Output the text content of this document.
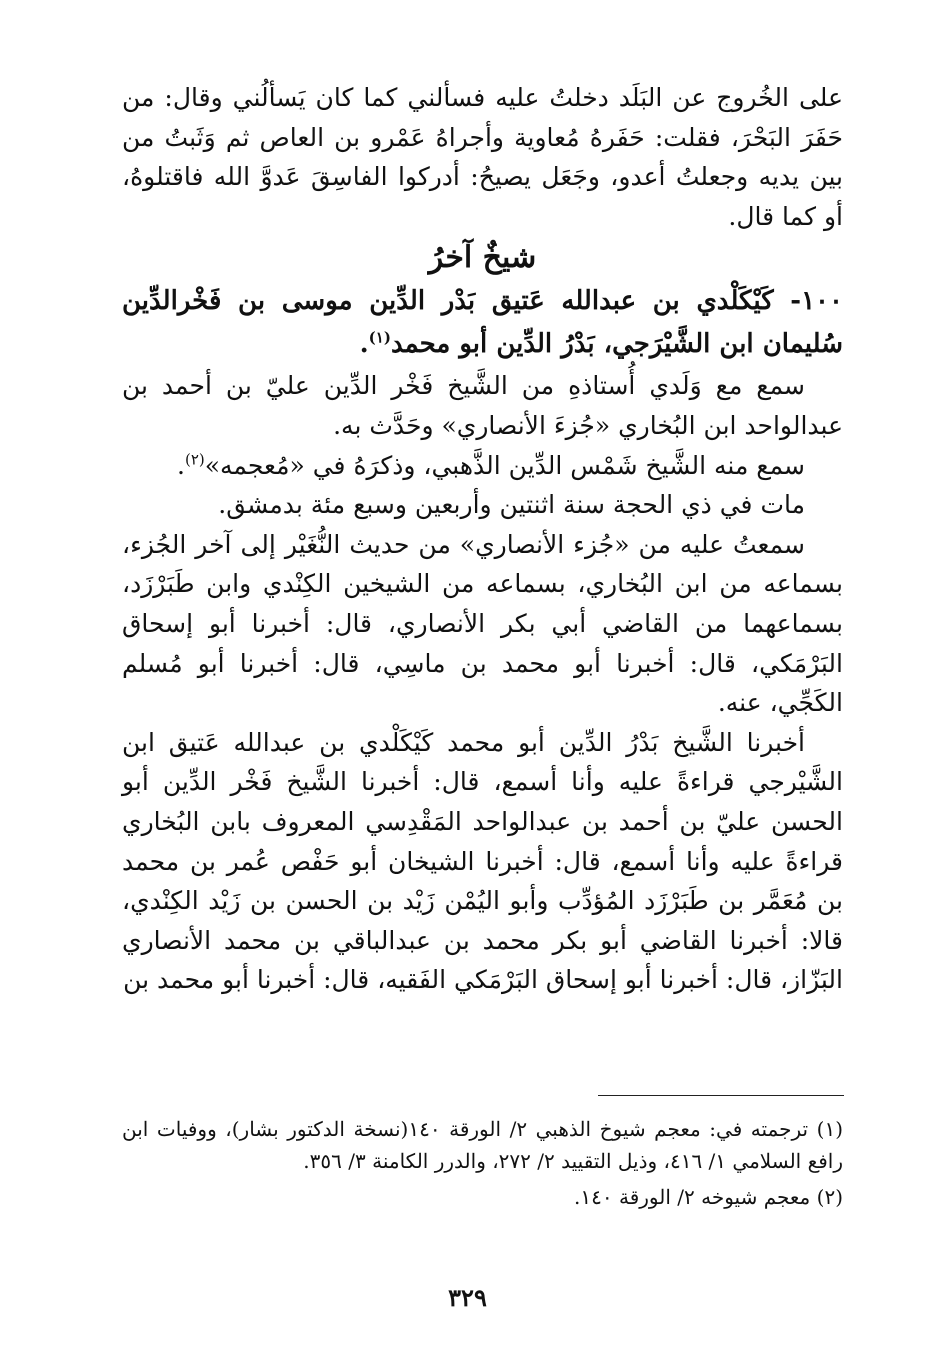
على الخُروج عن البَلَد دخلتُ عليه فسألني كما كان يَسألُني وقال: من حَفَرَ البَحْرَ، فقلت: حَفَرهُ مُعاوية وأجراهُ عَمْرو بن العاص ثم وَثَبتُ من بين يديه وجعلتُ أعدو، وجَعَل يصيحُ: أدركوا الفاسِقَ عَدوَّ الله فاقتلوهُ، أو كما قال.

شيخٌ آخرُ

١٠٠- كَيْكَلْدي بن عبدالله عَتيق بَدْر الدِّين موسى بن فَخْرالدِّين سُليمان ابن الشَّيْرَجي، بَدْرُ الدِّين أبو محمد$^{(١)}$.

سمع مع وَلَدي أُستاذهِ من الشَّيخ فَخْر الدِّين عليّ بن أحمد بن عبدالواحد ابن البُخاري «جُزءَ الأنصاري» وحَدَّث به.

سمع منه الشَّيخ شَمْس الدِّين الذَّهبي، وذكرَهُ في «مُعجمه»$^{(٢)}$.

مات في ذي الحجة سنة اثنتين وأربعين وسبع مئة بدمشق.

سمعتُ عليه من «جُزء الأنصاري» من حديث النُّغَيْر إلى آخر الجُزء، بسماعه من ابن البُخاري، بسماعه من الشيخين الكِنْدي وابن طَبَرْزَد، بسماعهما من القاضي أبي بكر الأنصاري، قال: أخبرنا أبو إسحاق البَرْمَكي، قال: أخبرنا أبو محمد بن ماسِي، قال: أخبرنا أبو مُسلم الكَجِّي، عنه.

أخبرنا الشَّيخ بَدْرُ الدِّين أبو محمد كَيْكَلْدي بن عبدالله عَتيق ابن الشَّيْرجي قراءةً عليه وأنا أسمع، قال: أخبرنا الشَّيخ فَخْر الدِّين أبو الحسن عليّ بن أحمد بن عبدالواحد المَقْدِسي المعروف بابن البُخاري قراءةً عليه وأنا أسمع، قال: أخبرنا الشيخان أبو حَفْص عُمر بن محمد بن مُعَمَّر بن طَبَرْزَد المُؤدِّب وأبو اليُمْن زَيْد بن الحسن بن زَيْد الكِنْدي، قالا: أخبرنا القاضي أبو بكر محمد بن عبدالباقي بن محمد الأنصاري البَزّاز، قال: أخبرنا أبو إسحاق البَرْمَكي الفَقيه، قال: أخبرنا أبو محمد بن

(١) ترجمته في: معجم شيوخ الذهبي ٢/ الورقة ١٤٠(نسخة الدكتور بشار)، ووفيات ابن رافع السلامي ١/ ٤١٦، وذيل التقييد ٢/ ٢٧٢، والدرر الكامنة ٣/ ٣٥٦.

(٢) معجم شيوخه ٢/ الورقة ١٤٠.

٣٢٩
